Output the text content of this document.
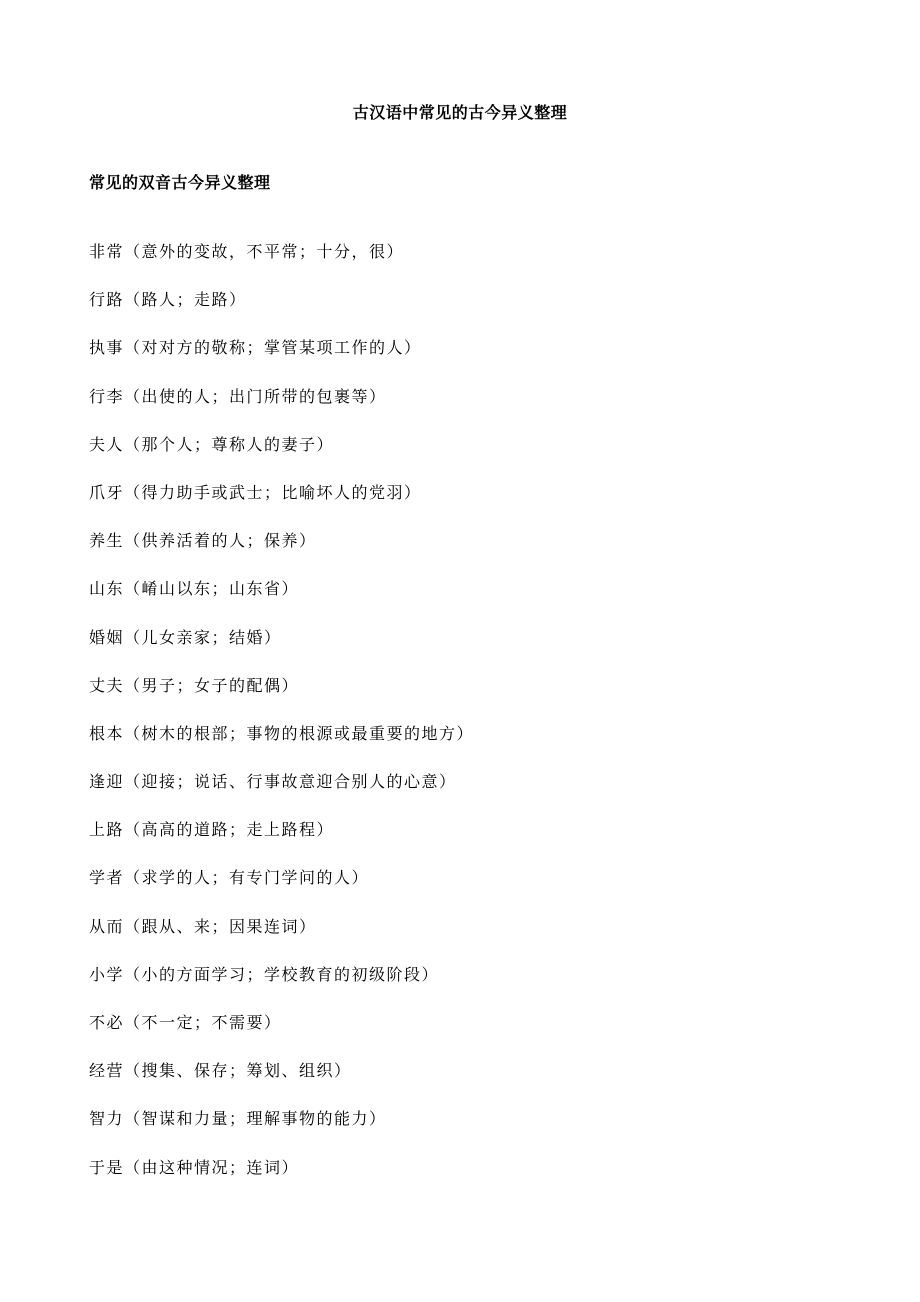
古汉语中常见的古今异义整理
常见的双音古今异义整理
非常（意外的变故，不平常；十分，很）
行路（路人；走路）
执事（对对方的敬称；掌管某项工作的人）
行李（出使的人；出门所带的包裹等）
夫人（那个人；尊称人的妻子）
爪牙（得力助手或武士；比喻坏人的党羽）
养生（供养活着的人；保养）
山东（崤山以东；山东省）
婚姻（儿女亲家；结婚）
丈夫（男子；女子的配偶）
根本（树木的根部；事物的根源或最重要的地方）
逢迎（迎接；说话、行事故意迎合别人的心意）
上路（高高的道路；走上路程）
学者（求学的人；有专门学问的人）
从而（跟从、来；因果连词）
小学（小的方面学习；学校教育的初级阶段）
不必（不一定；不需要）
经营（搜集、保存；筹划、组织）
智力（智谋和力量；理解事物的能力）
于是（由这种情况；连词）
